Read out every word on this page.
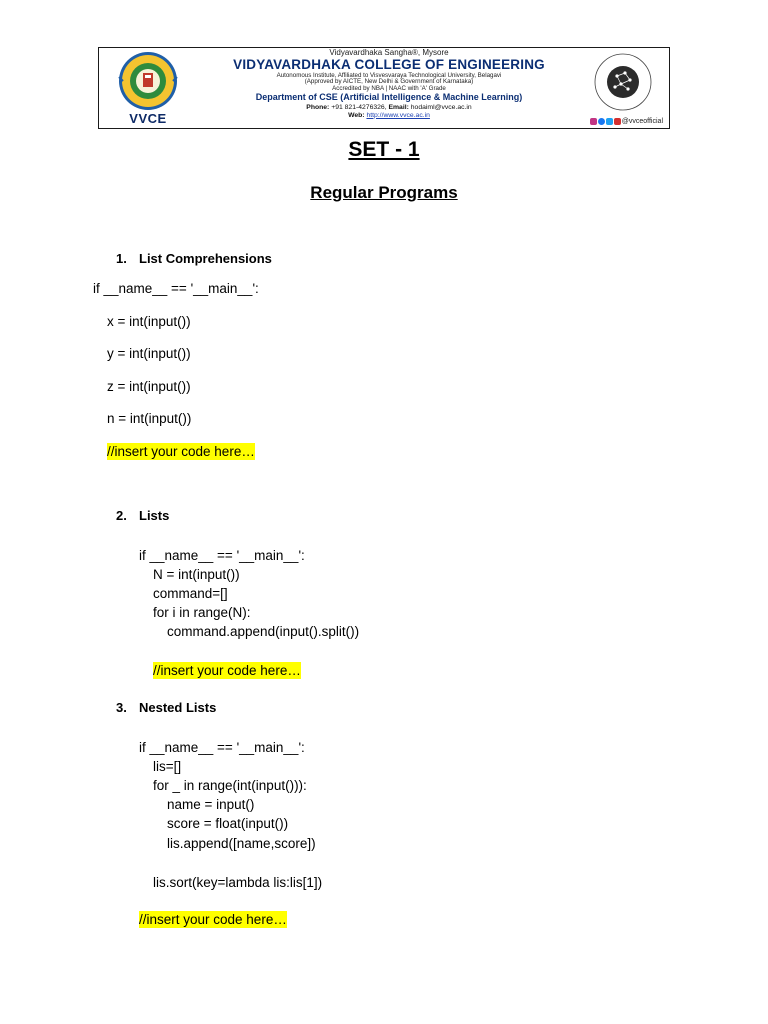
VVCE
Vidyavardhaka Sangha®, Mysore
VIDYAVARDHAKA COLLEGE OF ENGINEERING
Autonomous Institute, Affiliated to Visvesvaraya Technological University, Belagavi
(Approved by AICTE, New Delhi & Government of Karnataka)
Accredited by NBA | NAAC with 'A' Grade
Department of CSE (Artificial Intelligence & Machine Learning)
Phone: +91 821-4276326, Email: hodaiml@vvce.ac.in
Web: http://www.vvce.ac.in
@vvceofficial
SET - 1
Regular Programs
1. List Comprehensions
if __name__ == '__main__':
x = int(input())
y = int(input())
z = int(input())
n = int(input())
//insert your code here…
2. Lists
if __name__ == '__main__':
N = int(input())
command=[]
for i in range(N):
command.append(input().split())
//insert your code here…
3. Nested Lists
if __name__ == '__main__':
lis=[]
for _ in range(int(input())):
name = input()
score = float(input())
lis.append([name,score])
lis.sort(key=lambda lis:lis[1])
//insert your code here…
